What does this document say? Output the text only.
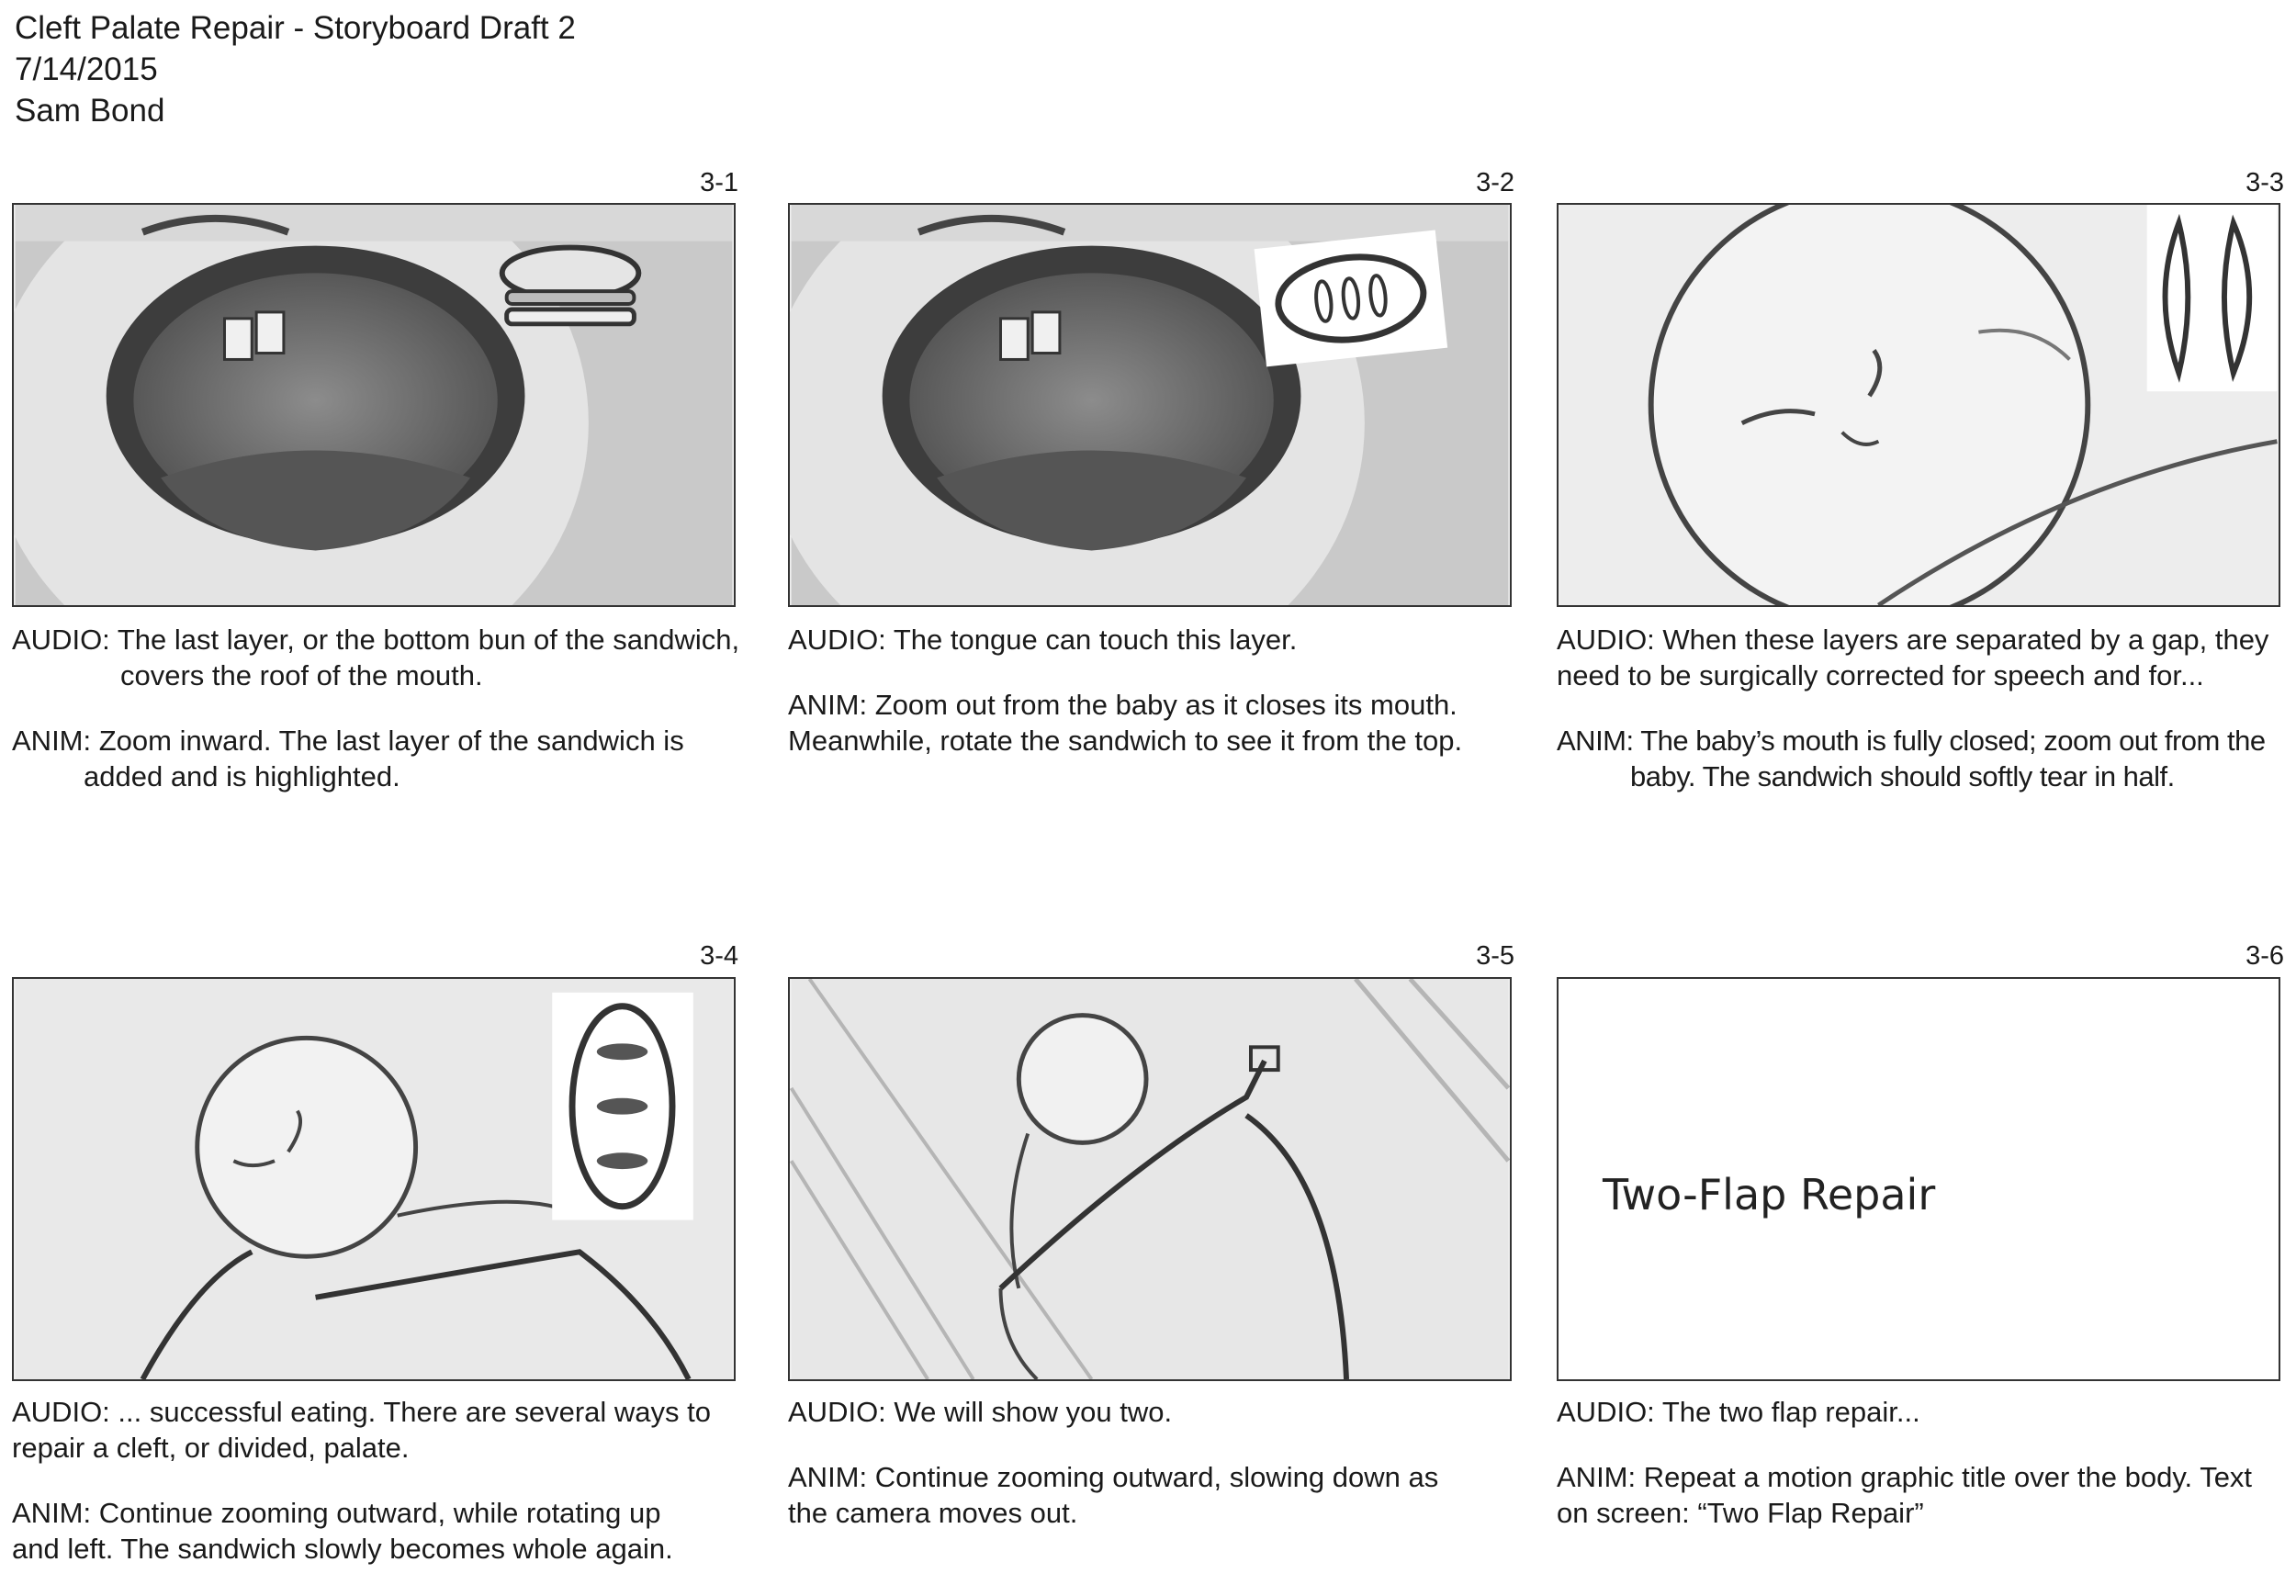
Cleft Palate Repair - Storyboard Draft 2
7/14/2015
Sam Bond
3-1

AUDIO: The last layer, or the bottom bun of the sandwich,
covers the roof of the mouth.

ANIM: Zoom inward. The last layer of the sandwich is
added and is highlighted.

3-2

AUDIO: The tongue can touch this layer.

ANIM: Zoom out from the baby as it closes its mouth.
Meanwhile, rotate the sandwich to see it from the top.

3-3

AUDIO: When these layers are separated by a gap, they
need to be surgically corrected for speech and for...

ANIM: The baby’s mouth is fully closed; zoom out from the
baby. The sandwich should softly tear in half.

3-4

AUDIO: ... successful eating. There are several ways to
repair a cleft, or divided, palate.

ANIM: Continue zooming outward, while rotating up
and left. The sandwich slowly becomes whole again.

3-5

AUDIO: We will show you two.

ANIM: Continue zooming outward, slowing down as
the camera moves out.

3-6
Two-Flap Repair

AUDIO: The two flap repair...

ANIM: Repeat a motion graphic title over the body. Text
on screen: “Two Flap Repair”
